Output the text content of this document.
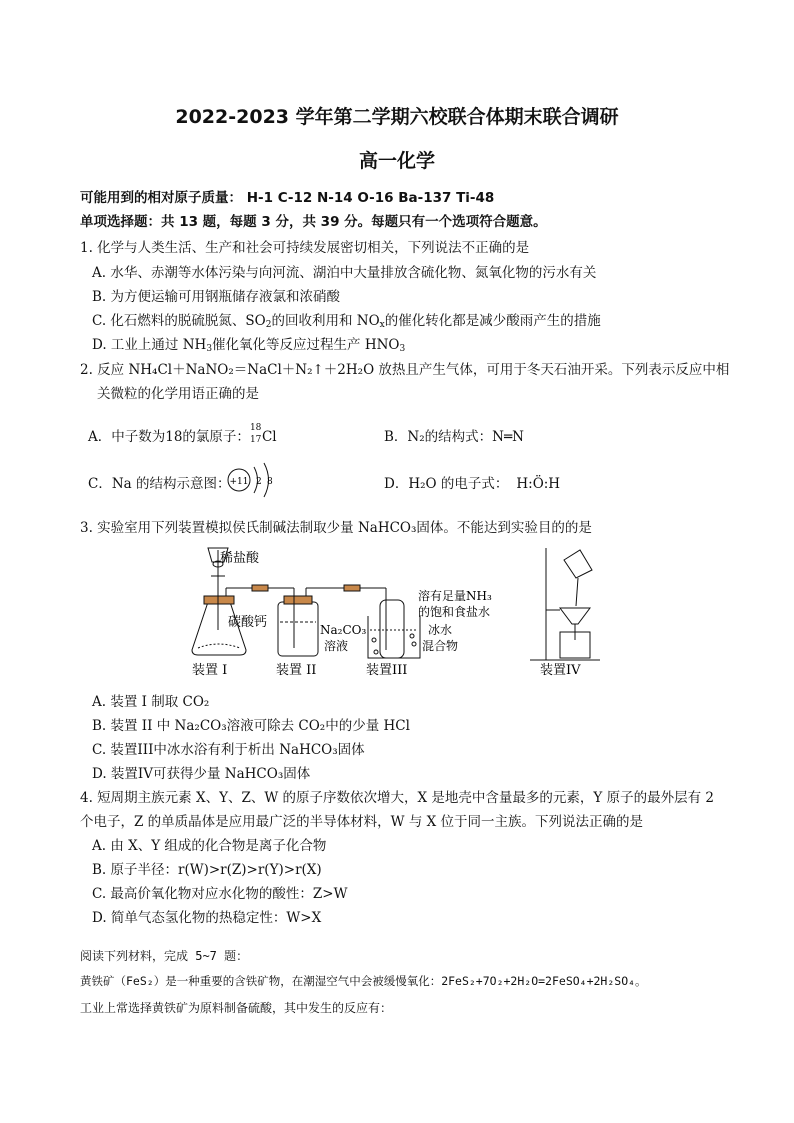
2022-2023 学年第二学期六校联合体期末联合调研
高一化学
可能用到的相对原子质量： H-1 C-12 N-14 O-16 Ba-137 Ti-48
单项选择题：共 13 题，每题 3 分，共 39 分。每题只有一个选项符合题意。
1. 化学与人类生活、生产和社会可持续发展密切相关，下列说法不正确的是
A. 水华、赤潮等水体污染与向河流、湖泊中大量排放含硫化物、氮氧化物的污水有关
B. 为方便运输可用钢瓶储存液氯和浓硝酸
C. 化石燃料的脱硫脱氮、$SO_2$的回收利用和 $NO_x$的催化转化都是减少酸雨产生的措施
D. 工业上通过 $NH_3$催化氧化等反应过程生产 $HNO_3$
2. 反应 NH₄Cl＋NaNO₂＝NaCl＋N₂↑＋2H₂O 放热且产生气体，可用于冬天石油开采。下列表示反应中相
关微粒的化学用语正确的是
A．中子数为18的氯原子：
18
17 Cl	B．N₂的结构式：N═N
C．Na 的结构示意图： +11 2 8	D．H₂O 的电子式： H:Ö:H
3. 实验室用下列装置模拟侯氏制碱法制取少量 NaHCO₃固体。不能达到实验目的的是
稀盐酸
碳酸钙	Na₂CO₃
溶液
溶有足量NH₃
的饱和食盐水
冰水
混合物
装置 I	装置 II	装置III	装置IV
A. 装置 I 制取 CO₂
B. 装置 II 中 Na₂CO₃溶液可除去 CO₂中的少量 HCl
C. 装置III中冰水浴有利于析出 NaHCO₃固体
D. 装置IV可获得少量 NaHCO₃固体
4. 短周期主族元素 X、Y、Z、W 的原子序数依次增大，X 是地壳中含量最多的元素，Y 原子的最外层有 2
个电子，Z 的单质晶体是应用最广泛的半导体材料，W 与 X 位于同一主族。下列说法正确的是
A. 由 X、Y 组成的化合物是离子化合物
B. 原子半径：r(W)>r(Z)>r(Y)>r(X)
C. 最高价氧化物对应水化物的酸性：Z>W
D. 简单气态氢化物的热稳定性：W>X
阅读下列材料，完成 5~7 题：
黄铁矿（FeS₂）是一种重要的含铁矿物，在潮湿空气中会被缓慢氧化：2FeS₂+7O₂+2H₂O=2FeSO₄+2H₂SO₄。
工业上常选择黄铁矿为原料制备硫酸，其中发生的反应有：
